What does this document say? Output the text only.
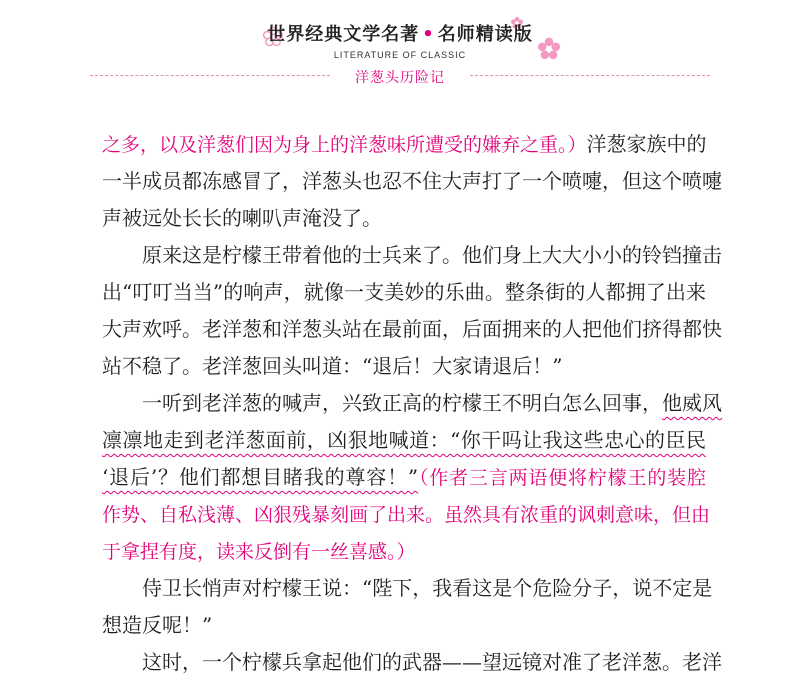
世界经典文学名著 • 名师精读版
LITERATURE OF CLASSIC
洋葱头历险记
之多，以及洋葱们因为身上的洋葱味所遭受的嫌弃之重。）洋葱家族中的
一半成员都冻感冒了，洋葱头也忍不住大声打了一个喷嚏，但这个喷嚏
声被远处长长的喇叭声淹没了。
　　原来这是柠檬王带着他的士兵来了。他们身上大大小小的铃铛撞击
出“叮叮当当”的响声，就像一支美妙的乐曲。整条街的人都拥了出来
大声欢呼。老洋葱和洋葱头站在最前面，后面拥来的人把他们挤得都快
站不稳了。老洋葱回头叫道：“退后！大家请退后！”
　　一听到老洋葱的喊声，兴致正高的柠檬王不明白怎么回事，他威风
凛凛地走到老洋葱面前，凶狠地喊道：“你干吗让我这些忠心的臣民
‘退后’？他们都想目睹我的尊容！”（作者三言两语便将柠檬王的装腔
作势、自私浅薄、凶狠残暴刻画了出来。虽然具有浓重的讽刺意味，但由
于拿捏有度，读来反倒有一丝喜感。）
　　侍卫长悄声对柠檬王说：“陛下，我看这是个危险分子，说不定是
想造反呢！”
　　这时，一个柠檬兵拿起他们的武器——望远镜对准了老洋葱。老洋
